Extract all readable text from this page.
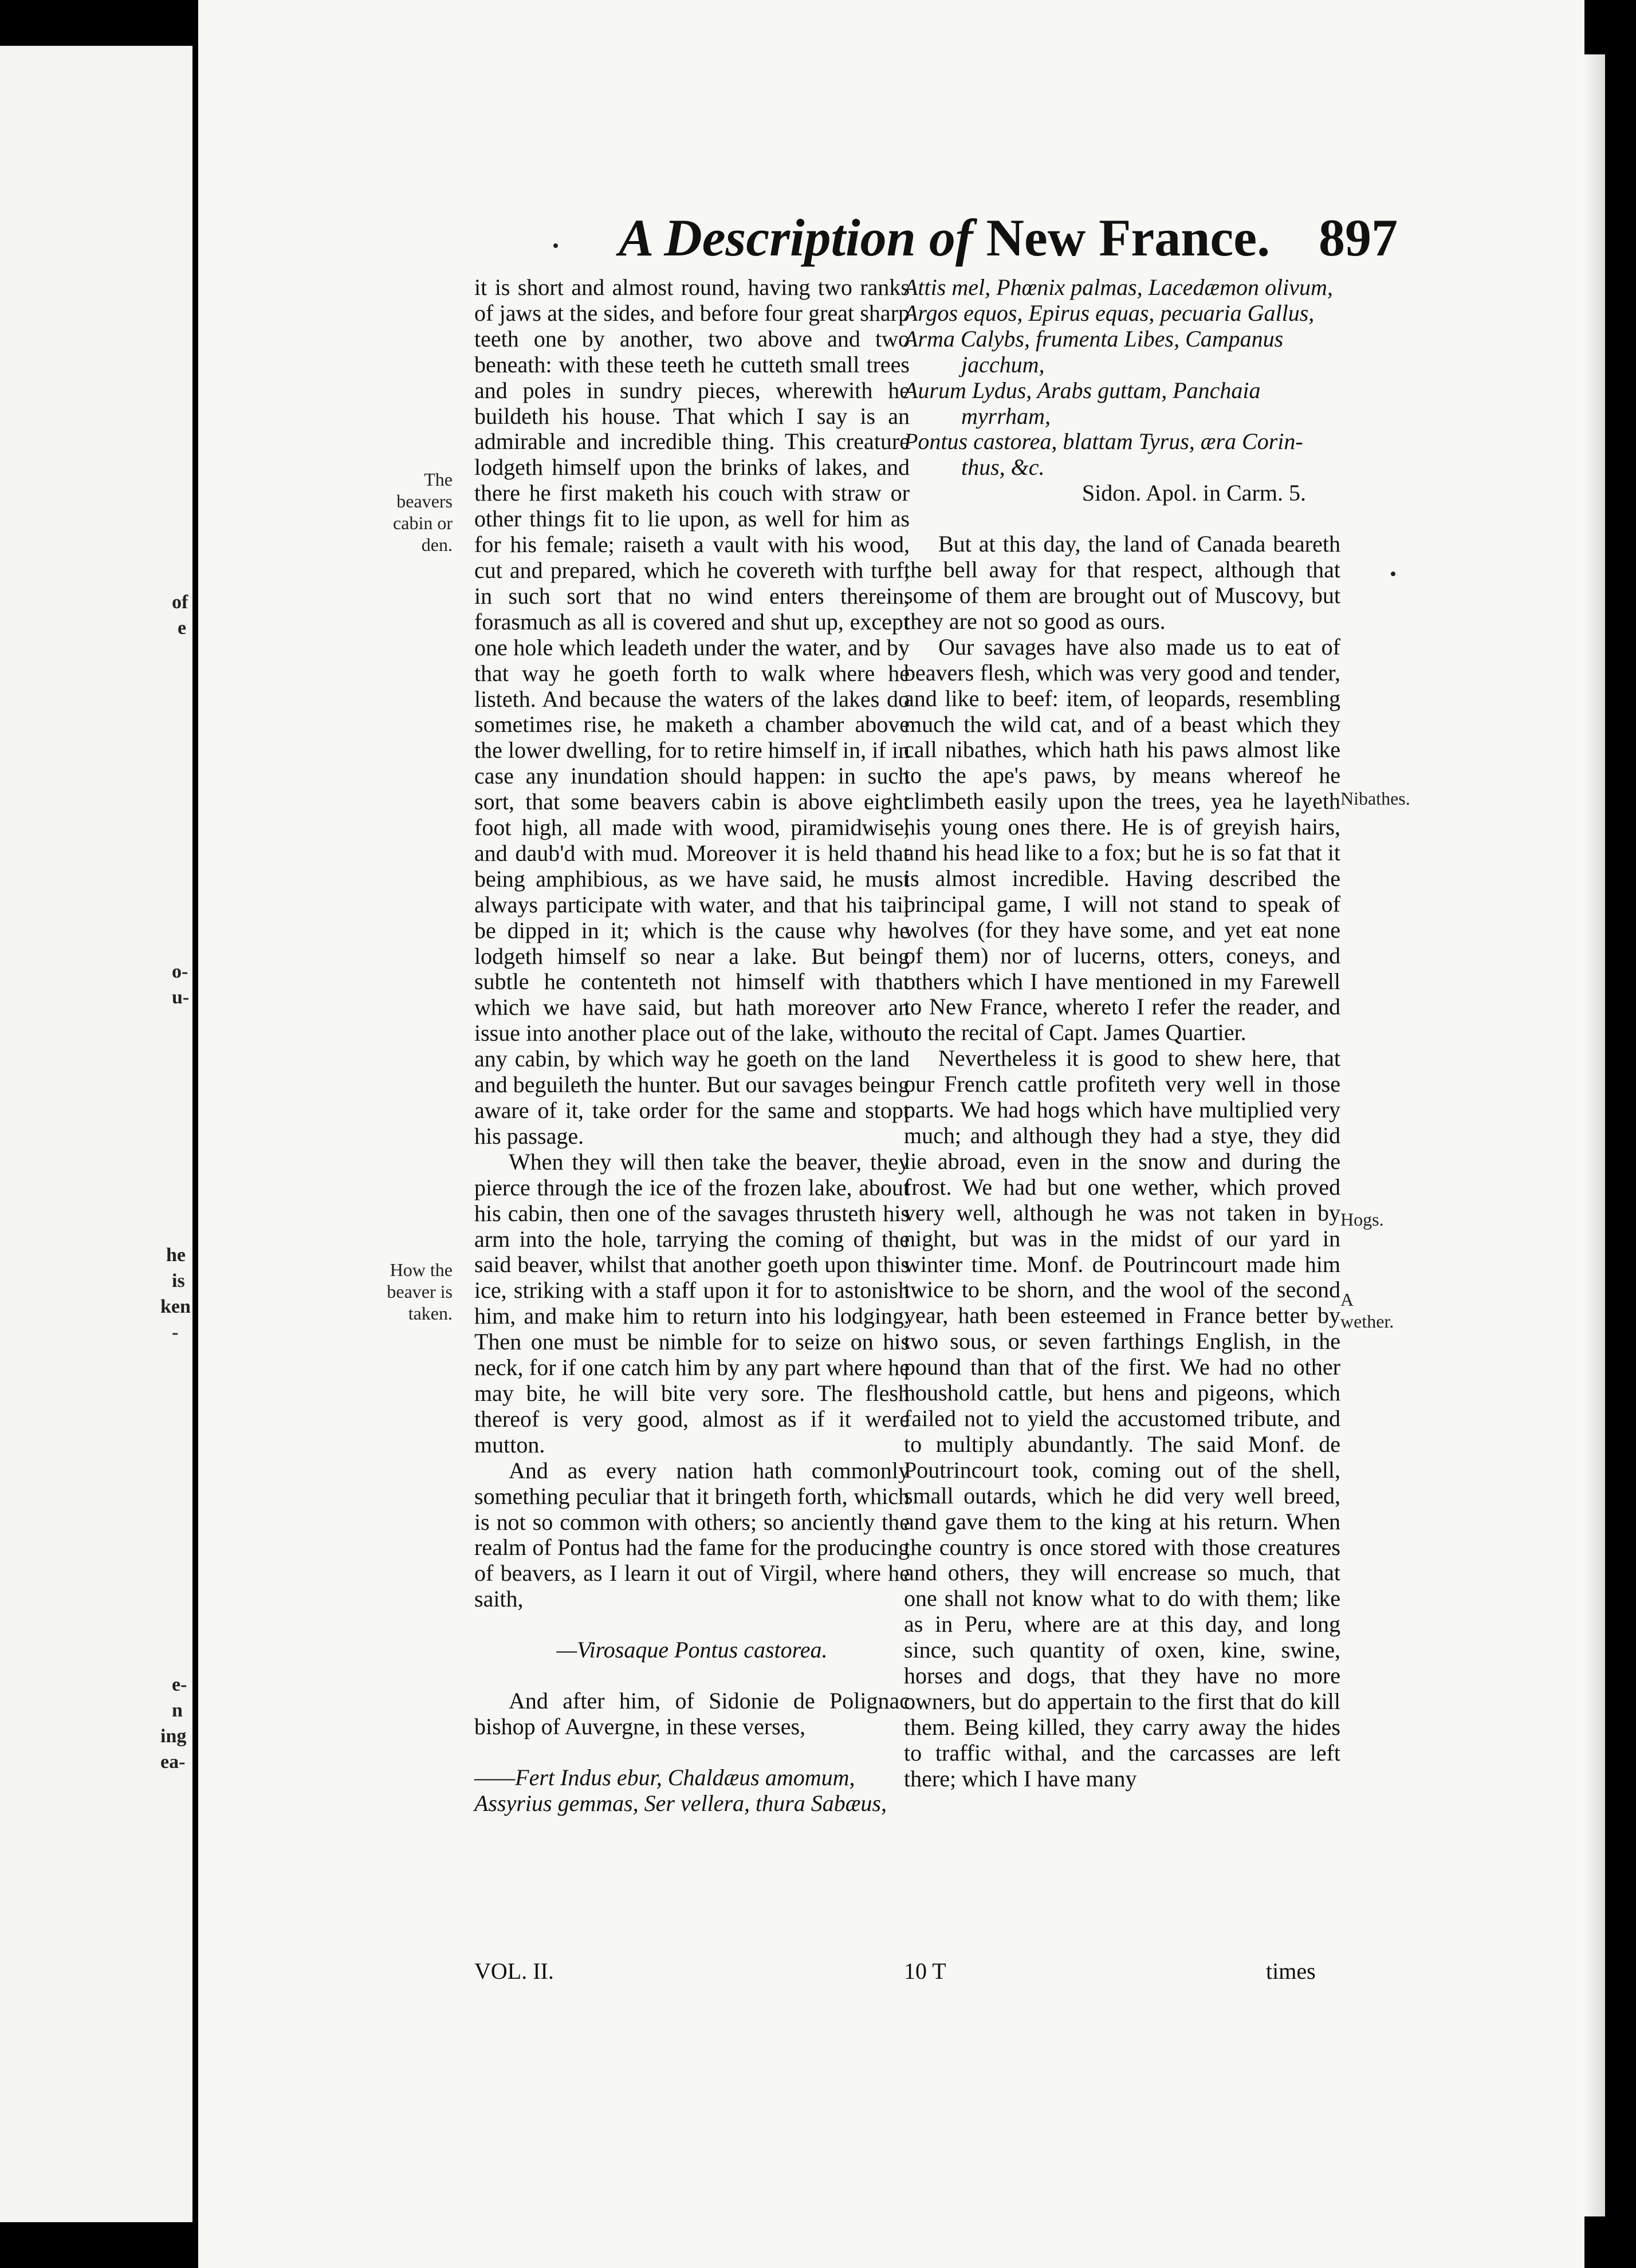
of
e
o-
u-
he
is
ken
-
e-
n
ing
ea-
A Description of New France. 897
The beavers cabin or den.
How the beaver is taken.
Nibathes.
Hogs.
A wether.

it is short and almost round, having two ranks of jaws at the sides, and before four great sharp teeth one by another, two above and two beneath: with these teeth he cutteth small trees and poles in sundry pieces, wherewith he buildeth his house. That which I say is an admirable and incredible thing. This creature lodgeth himself upon the brinks of lakes, and there he first maketh his couch with straw or other things fit to lie upon, as well for him as for his female; raiseth a vault with his wood, cut and prepared, which he covereth with turf, in such sort that no wind enters therein, forasmuch as all is covered and shut up, except one hole which leadeth under the water, and by that way he goeth forth to walk where he listeth. And because the waters of the lakes do sometimes rise, he maketh a chamber above the lower dwelling, for to retire himself in, if in case any inundation should happen: in such sort, that some beavers cabin is above eight foot high, all made with wood, piramidwise, and daub'd with mud. Moreover it is held that being amphibious, as we have said, he must always participate with water, and that his tail be dipped in it; which is the cause why he lodgeth himself so near a lake. But being subtle he contenteth not himself with that which we have said, but hath moreover an issue into another place out of the lake, without any cabin, by which way he goeth on the land and beguileth the hunter. But our savages being aware of it, take order for the same and stopt his passage.

When they will then take the beaver, they pierce through the ice of the frozen lake, about his cabin, then one of the savages thrusteth his arm into the hole, tarrying the coming of the said beaver, whilst that another goeth upon this ice, striking with a staff upon it for to astonish him, and make him to return into his lodging. Then one must be nimble for to seize on his neck, for if one catch him by any part where he may bite, he will bite very sore. The flesh thereof is very good, almost as if it were mutton.

And as every nation hath commonly something peculiar that it bringeth forth, which is not so common with others; so anciently the realm of Pontus had the fame for the producing of beavers, as I learn it out of Virgil, where he saith,

—Virosaque Pontus castorea.

And after him, of Sidonie de Polignac bishop of Auvergne, in these verses,

——Fert Indus ebur, Chaldæus amomum,

Assyrius gemmas, Ser vellera, thura Sabæus,

Attis mel, Phœnix palmas, Lacedæmon olivum,

Argos equos, Epirus equas, pecuaria Gallus,

Arma Calybs, frumenta Libes, Campanus

jacchum,

Aurum Lydus, Arabs guttam, Panchaia

myrrham,

Pontus castorea, blattam Tyrus, æra Corin-

thus, &c.

Sidon. Apol. in Carm. 5.

But at this day, the land of Canada beareth the bell away for that respect, although that some of them are brought out of Muscovy, but they are not so good as ours.

Our savages have also made us to eat of beavers flesh, which was very good and tender, and like to beef: item, of leopards, resembling much the wild cat, and of a beast which they call nibathes, which hath his paws almost like to the ape's paws, by means whereof he climbeth easily upon the trees, yea he layeth his young ones there. He is of greyish hairs, and his head like to a fox; but he is so fat that it is almost incredible. Having described the principal game, I will not stand to speak of wolves (for they have some, and yet eat none of them) nor of lucerns, otters, coneys, and others which I have mentioned in my Farewell to New France, whereto I refer the reader, and to the recital of Capt. James Quartier.

Nevertheless it is good to shew here, that our French cattle profiteth very well in those parts. We had hogs which have multiplied very much; and although they had a stye, they did lie abroad, even in the snow and during the frost. We had but one wether, which proved very well, although he was not taken in by night, but was in the midst of our yard in winter time. Monf. de Poutrincourt made him twice to be shorn, and the wool of the second year, hath been esteemed in France better by two sous, or seven farthings English, in the pound than that of the first. We had no other houshold cattle, but hens and pigeons, which failed not to yield the accustomed tribute, and to multiply abundantly. The said Monf. de Poutrincourt took, coming out of the shell, small outards, which he did very well breed, and gave them to the king at his return. When the country is once stored with those creatures and others, they will encrease so much, that one shall not know what to do with them; like as in Peru, where are at this day, and long since, such quantity of oxen, kine, swine, horses and dogs, that they have no more owners, but do appertain to the first that do kill them. Being killed, they carry away the hides to traffic withal, and the carcasses are left there; which I have many

VOL. II.	10 T	times
